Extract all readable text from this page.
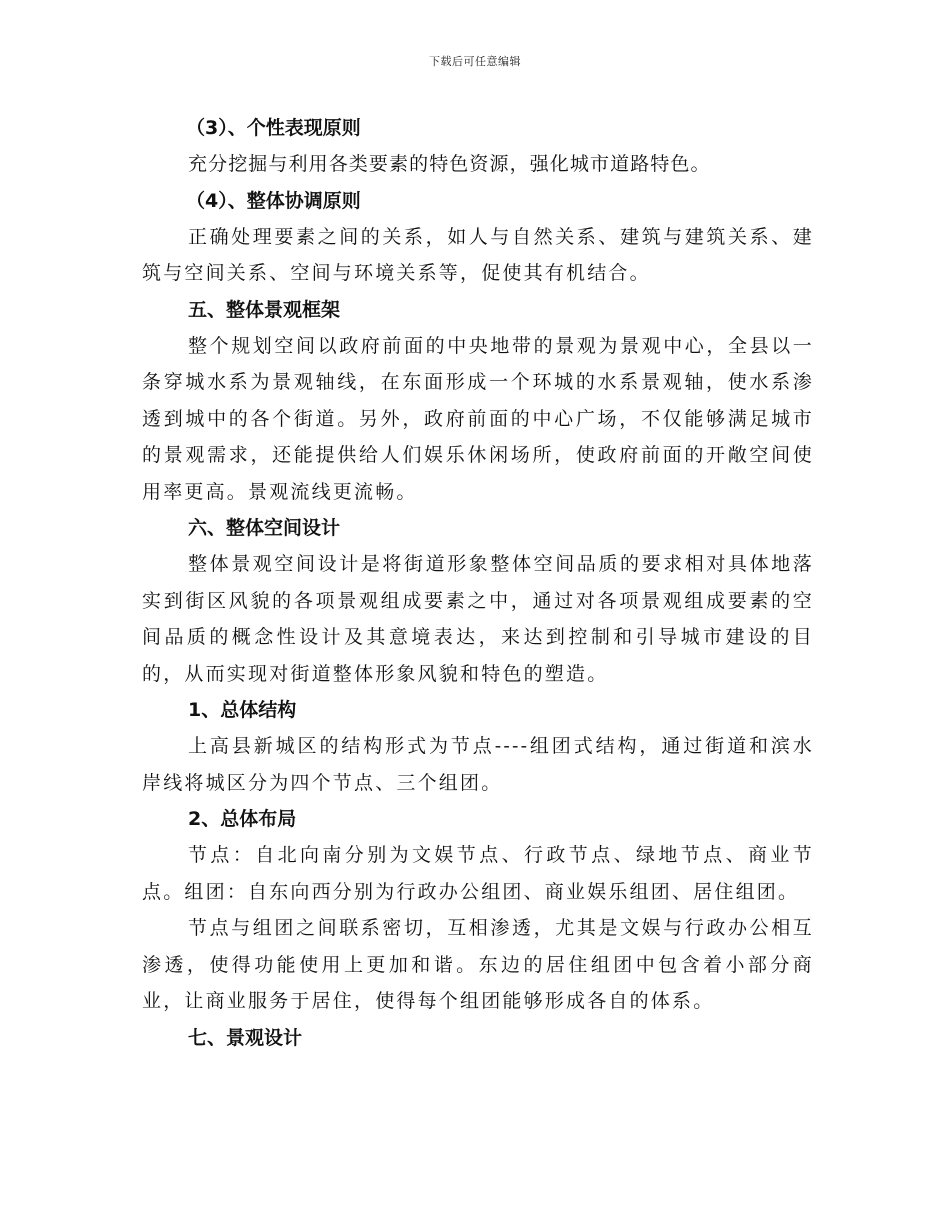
下载后可任意编辑

（3）、个性表现原则

充分挖掘与利用各类要素的特色资源，强化城市道路特色。

（4）、整体协调原则

正确处理要素之间的关系，如人与自然关系、建筑与建筑关系、建筑与空间关系、空间与环境关系等，促使其有机结合。

五、整体景观框架

整个规划空间以政府前面的中央地带的景观为景观中心，全县以一条穿城水系为景观轴线，在东面形成一个环城的水系景观轴，使水系渗透到城中的各个街道。另外，政府前面的中心广场，不仅能够满足城市的景观需求，还能提供给人们娱乐休闲场所，使政府前面的开敞空间使用率更高。景观流线更流畅。

六、整体空间设计

整体景观空间设计是将街道形象整体空间品质的要求相对具体地落实到街区风貌的各项景观组成要素之中，通过对各项景观组成要素的空间品质的概念性设计及其意境表达，来达到控制和引导城市建设的目的，从而实现对街道整体形象风貌和特色的塑造。

1、总体结构

上高县新城区的结构形式为节点----组团式结构，通过街道和滨水岸线将城区分为四个节点、三个组团。

2、总体布局

节点：自北向南分别为文娱节点、行政节点、绿地节点、商业节点。组团：自东向西分别为行政办公组团、商业娱乐组团、居住组团。

节点与组团之间联系密切，互相渗透，尤其是文娱与行政办公相互渗透，使得功能使用上更加和谐。东边的居住组团中包含着小部分商业，让商业服务于居住，使得每个组团能够形成各自的体系。

七、景观设计
